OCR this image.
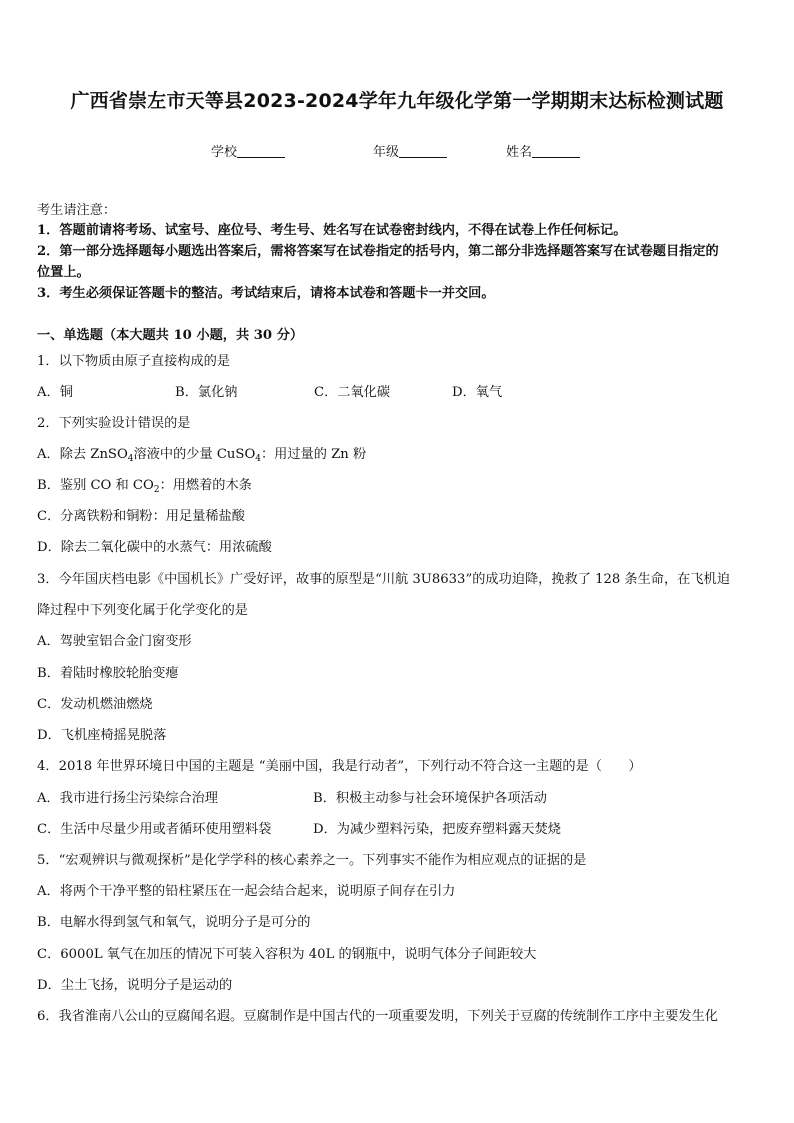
广西省崇左市天等县2023-2024学年九年级化学第一学期期末达标检测试题
学校	年级	姓名
考生请注意：
1．答题前请将考场、试室号、座位号、考生号、姓名写在试卷密封线内，不得在试卷上作任何标记。
2．第一部分选择题每小题选出答案后，需将答案写在试卷指定的括号内，第二部分非选择题答案写在试卷题目指定的
位置上。
3．考生必须保证答题卡的整洁。考试结束后，请将本试卷和答题卡一并交回。
一、单选题（本大题共 10 小题，共 30 分）
1．以下物质由原子直接构成的是
A．铜	B．氯化钠	C．二氧化碳	D．氧气
2．下列实验设计错误的是
A．除去 ZnSO$_4$溶液中的少量 CuSO$_4$：用过量的 Zn 粉
B．鉴别 CO 和 $CO_2$：用燃着的木条
C．分离铁粉和铜粉：用足量稀盐酸
D．除去二氧化碳中的水蒸气：用浓硫酸
3．今年国庆档电影《中国机长》广受好评，故事的原型是“川航 3U8633”的成功迫降，挽救了 128 条生命，在飞机迫
降过程中下列变化属于化学变化的是
A．驾驶室铝合金门窗变形
B．着陆时橡胶轮胎变瘪
C．发动机燃油燃烧
D．飞机座椅摇晃脱落
4．2018 年世界环境日中国的主题是 “美丽中国，我是行动者”，下列行动不符合这一主题的是（　　）
A．我市进行扬尘污染综合治理	B．积极主动参与社会环境保护各项活动
C．生活中尽量少用或者循环使用塑料袋	D．为减少塑料污染，把废弃塑料露天焚烧
5．“宏观辨识与微观探析”是化学学科的核心素养之一。下列事实不能作为相应观点的证据的是
A．将两个干净平整的铅柱紧压在一起会结合起来，说明原子间存在引力
B．电解水得到氢气和氧气，说明分子是可分的
C．6000L 氧气在加压的情况下可装入容积为 40L 的钢瓶中，说明气体分子间距较大
D．尘土飞扬，说明分子是运动的
6．我省淮南八公山的豆腐闻名遐。豆腐制作是中国古代的一项重要发明，下列关于豆腐的传统制作工序中主要发生化
